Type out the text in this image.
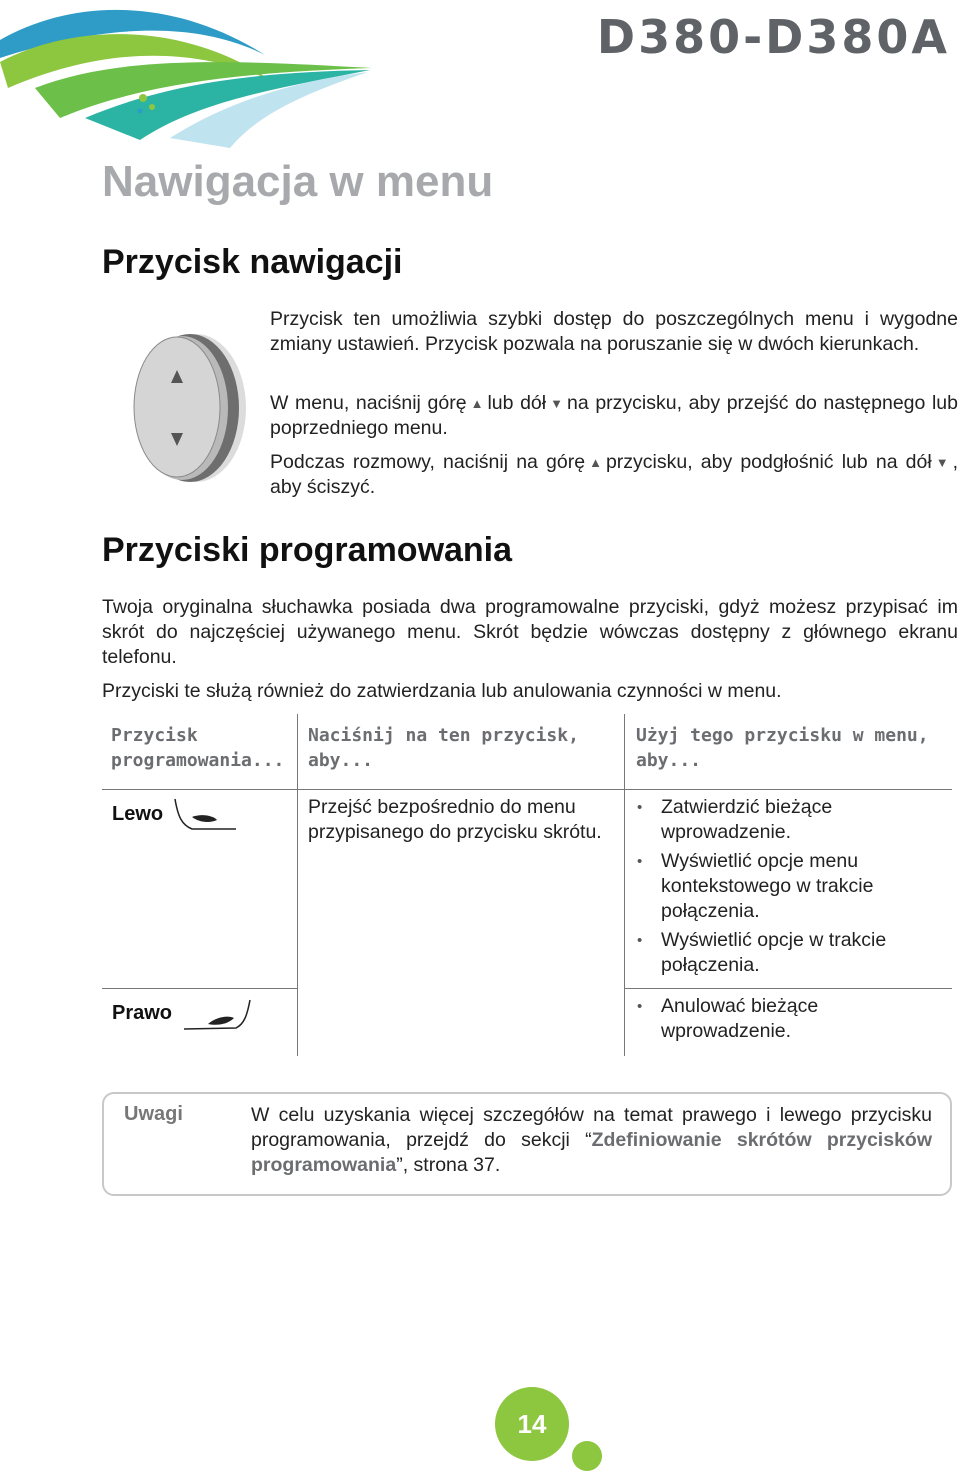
D380-D380A
Nawigacja w menu
Przycisk nawigacji
Przycisk ten umożliwia szybki dostęp do poszczególnych menu i wygodne zmiany ustawień. Przycisk pozwala na poruszanie się w dwóch kierunkach.
W menu, naciśnij górę ▲ lub dół ▼ na przycisku, aby przejść do następnego lub poprzedniego menu.
Podczas rozmowy, naciśnij na górę ▲ przycisku, aby podgłośnić lub na dół ▼ , aby ściszyć.
Przyciski programowania
Twoja oryginalna słuchawka posiada dwa programowalne przyciski, gdyż możesz przypisać im skrót do najczęściej używanego menu. Skrót będzie wówczas dostępny z głównego ekranu telefonu.
Przyciski te służą również do zatwierdzania lub anulowania czynności w menu.
Przycisk programowania...
Naciśnij na ten przycisk, aby...
Użyj tego przycisku w menu, aby...
Lewo	Przejść bezpośrednio do menu przypisanego do przycisku skrótu.
• Zatwierdzić bieżące wprowadzenie.
• Wyświetlić opcje menu kontekstowego w trakcie połączenia.
• Wyświetlić opcje w trakcie połączenia.
Prawo
•	Anulować bieżące wprowadzenie.
Uwagi	W celu uzyskania więcej szczegółów na temat prawego i lewego przycisku programowania, przejdź do sekcji “Zdefiniowanie skrótów przycisków programowania”, strona 37.
14
